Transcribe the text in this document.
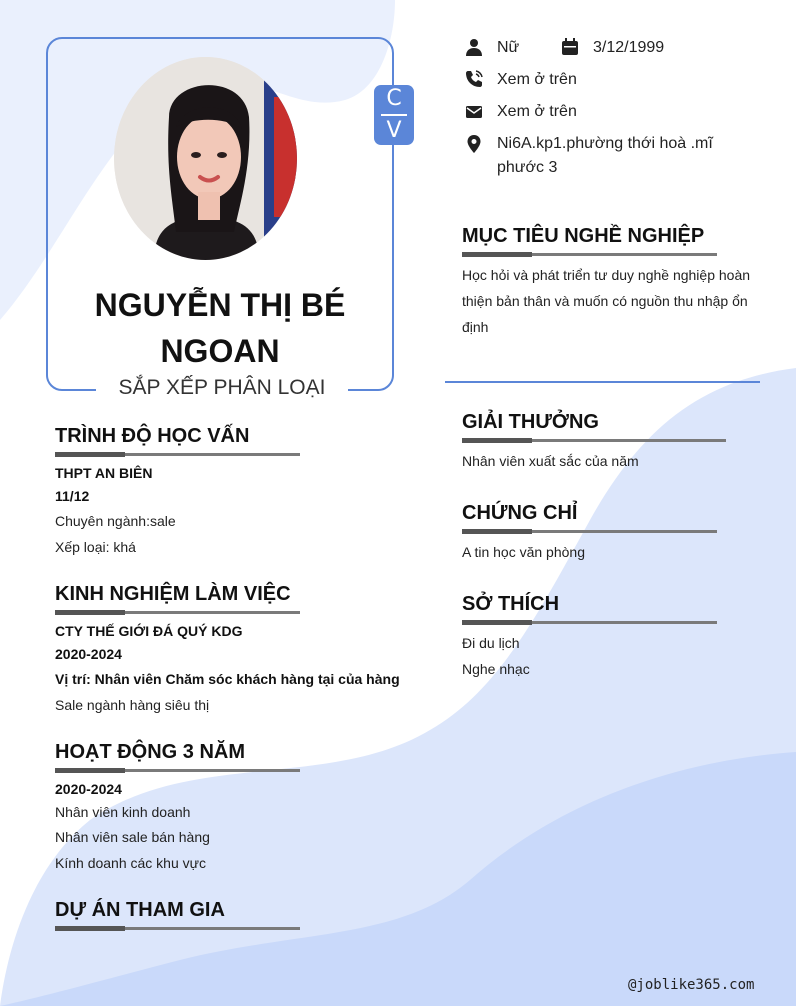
C
V
NGUYỄN THỊ BÉ NGOAN
SẮP XẾP PHÂN LOẠI
Nữ	3/12/1999
Xem ở trên
Xem ở trên
Ni6A.kp1.phường thới hoà .mĩ phước 3
MỤC TIÊU NGHỀ NGHIỆP
Học hỏi và phát triển tư duy nghề nghiệp hoàn thiện bản thân và muốn có nguồn thu nhập ổn định
GIẢI THƯỞNG
Nhân viên xuất sắc của năm
CHỨNG CHỈ
A tin học văn phòng
SỞ THÍCH
Đi du lịch
Nghe nhạc
TRÌNH ĐỘ HỌC VẤN
THPT AN BIÊN
11/12
Chuyên ngành:sale
Xếp loại: khá
KINH NGHIỆM LÀM VIỆC
CTY THẾ GIỚI ĐÁ QUÝ KDG
2020-2024
Vị trí: Nhân viên Chăm sóc khách hàng tại của hàng
Sale ngành hàng siêu thị
HOẠT ĐỘNG 3 NĂM
2020-2024
Nhân viên kinh doanh
Nhân viên sale bán hàng
Kính doanh các khu vực
DỰ ÁN THAM GIA
@joblike365.com
